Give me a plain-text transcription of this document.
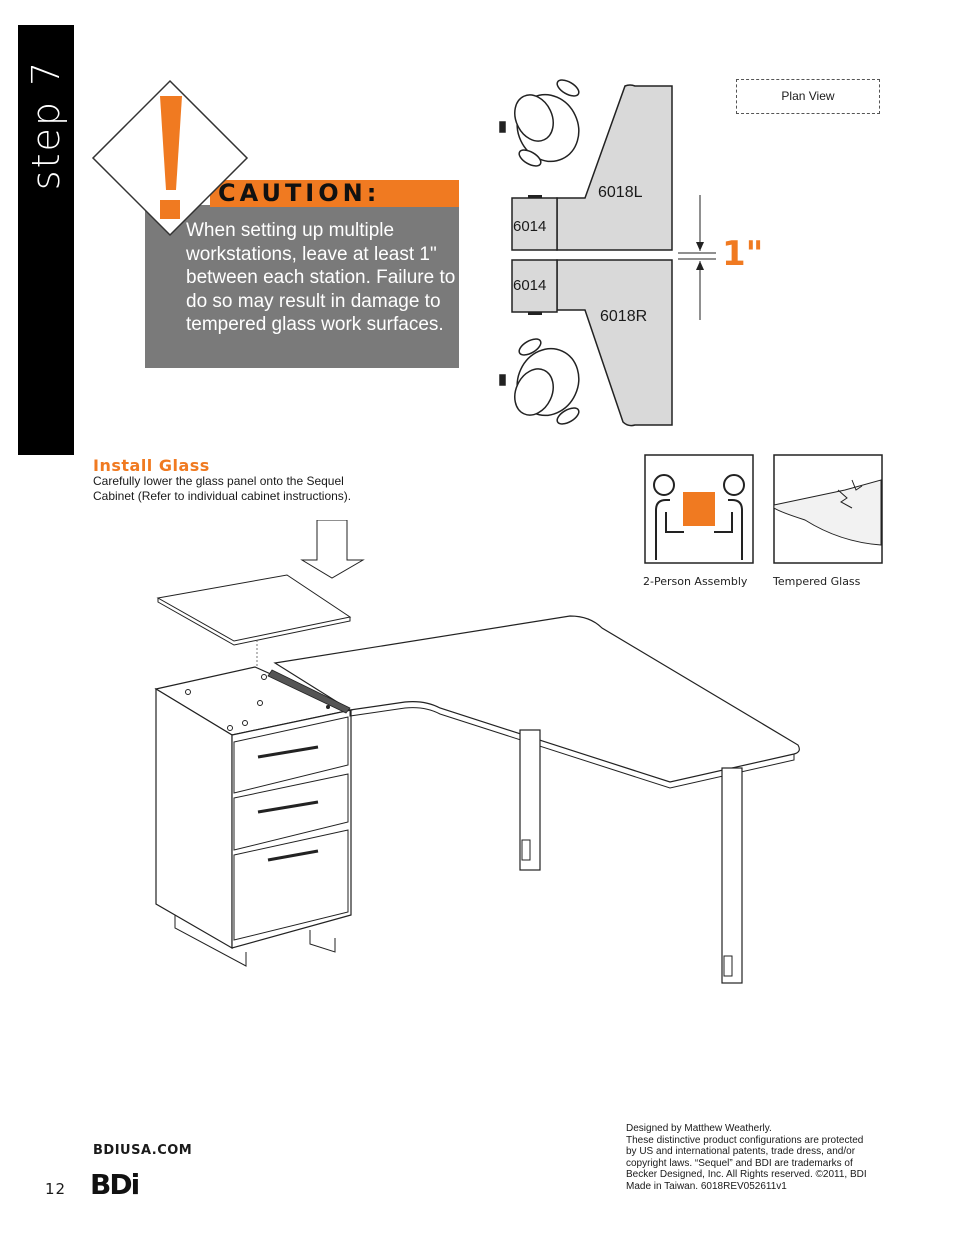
step 7
CAUTION:
When setting up multiple workstations, leave at least 1" between each station. Failure to do so may result in damage to tempered glass work surfaces.
Plan View
6018L
6018R
6014
6014
1"
Install Glass
Carefully lower the glass panel onto the Sequel Cabinet (Refer to individual cabinet instructions).
2-Person Assembly Tempered Glass
BDIUSA.COM
12 BDi
Designed by Matthew Weatherly.
These distinctive product configurations are protected
by US and international patents, trade dress, and/or
copyright laws. “Sequel” and BDI are trademarks of
Becker Designed, Inc. All Rights reserved. ©2011, BDI
Made in Taiwan. 6018REV052611v1
